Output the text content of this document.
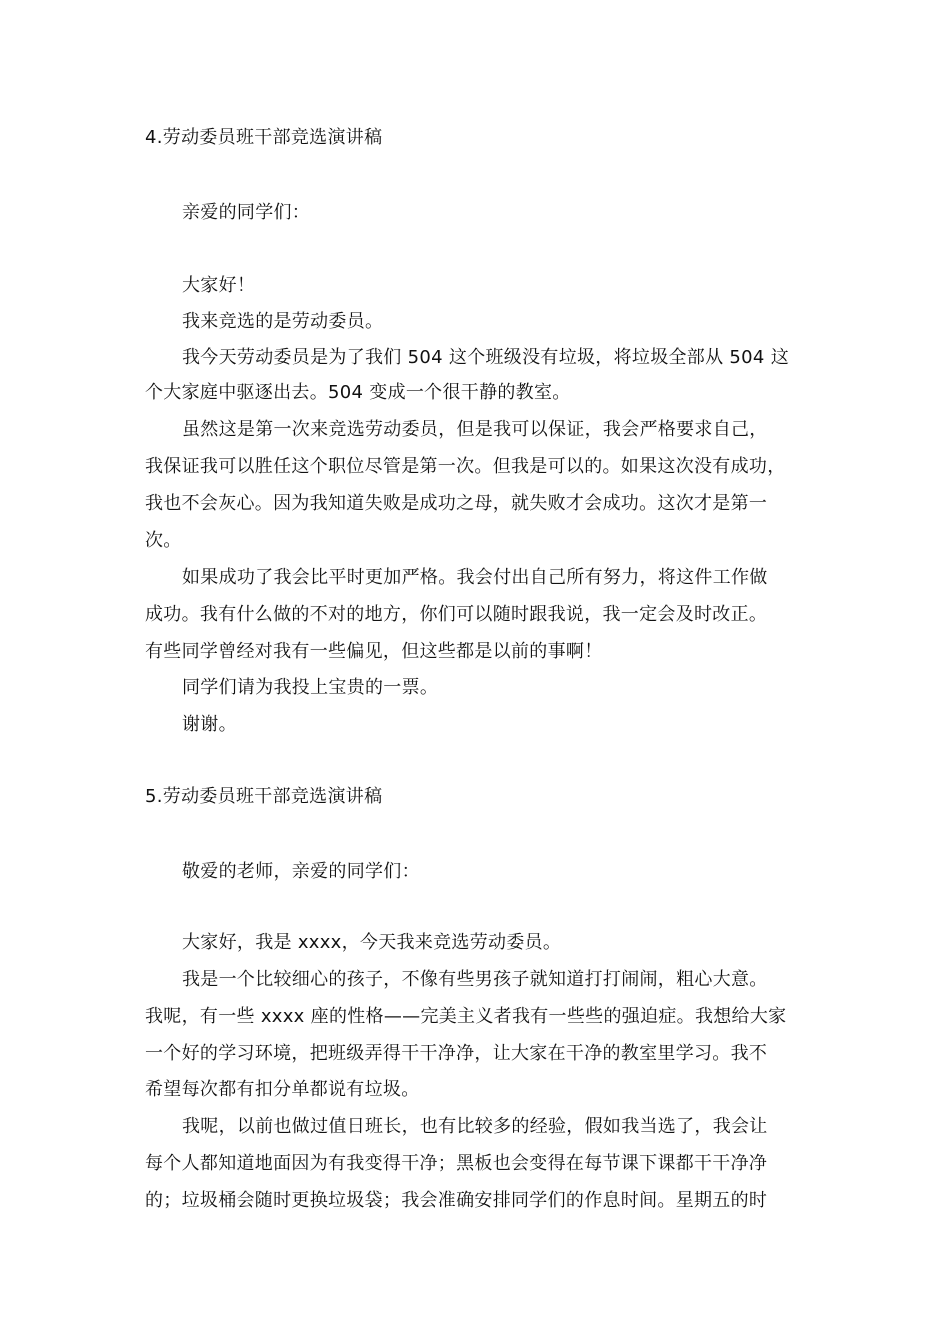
4.劳动委员班干部竞选演讲稿
亲爱的同学们：
大家好！
我来竞选的是劳动委员。
我今天劳动委员是为了我们 504 这个班级没有垃圾，将垃圾全部从 504 这
个大家庭中驱逐出去。504 变成一个很干静的教室。
虽然这是第一次来竞选劳动委员，但是我可以保证，我会严格要求自己，
我保证我可以胜任这个职位尽管是第一次。但我是可以的。如果这次没有成功，
我也不会灰心。因为我知道失败是成功之母，就失败才会成功。这次才是第一
次。
如果成功了我会比平时更加严格。我会付出自己所有努力，将这件工作做
成功。我有什么做的不对的地方，你们可以随时跟我说，我一定会及时改正。
有些同学曾经对我有一些偏见，但这些都是以前的事啊！
同学们请为我投上宝贵的一票。
谢谢。
5.劳动委员班干部竞选演讲稿
敬爱的老师，亲爱的同学们：
大家好，我是 xxxx，今天我来竞选劳动委员。
我是一个比较细心的孩子，不像有些男孩子就知道打打闹闹，粗心大意。
我呢，有一些 xxxx 座的性格——完美主义者我有一些些的强迫症。我想给大家
一个好的学习环境，把班级弄得干干净净，让大家在干净的教室里学习。我不
希望每次都有扣分单都说有垃圾。
我呢，以前也做过值日班长，也有比较多的经验，假如我当选了，我会让
每个人都知道地面因为有我变得干净；黑板也会变得在每节课下课都干干净净
的；垃圾桶会随时更换垃圾袋；我会准确安排同学们的作息时间。星期五的时
